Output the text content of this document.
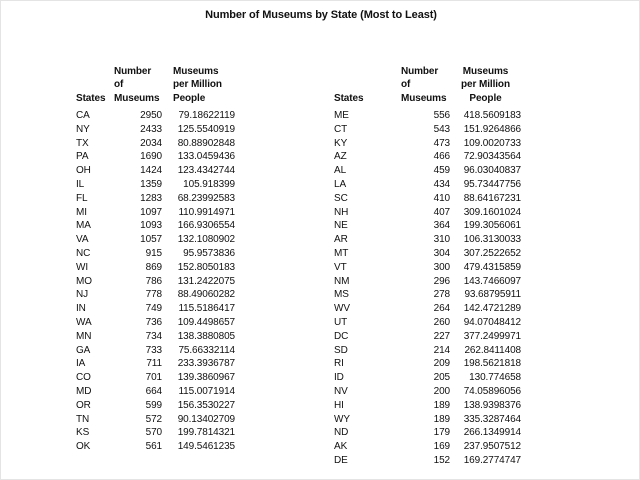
Number of Museums by State (Most to Least)
States
Number
of
Museums
Museums
per Million
People
CA	2950	79.18622119
NY	2433	125.5540919
TX	2034	80.88902848
PA	1690	133.0459436
OH	1424	123.4342744
IL	1359	105.918399
FL	1283	68.23992583
MI	1097	110.9914971
MA	1093	166.9306554
VA	1057	132.1080902
NC	915	95.9573836
WI	869	152.8050183
MO	786	131.2422075
NJ	778	88.49060282
IN	749	115.5186417
WA	736	109.4498657
MN	734	138.3880805
GA	733	75.66332114
IA	711	233.3936787
CO	701	139.3860967
MD	664	115.0071914
OR	599	156.3530227
TN	572	90.13402709
KS	570	199.7814321
OK	561	149.5461235
States
Number of
Museums
Museums
per Million
People
ME	556	418.5609183
CT	543	151.9264866
KY	473	109.0020733
AZ	466	72.90343564
AL	459	96.03040837
LA	434	95.73447756
SC	410	88.64167231
NH	407	309.1601024
NE	364	199.3056061
AR	310	106.3130033
MT	304	307.2522652
VT	300	479.4315859
NM	296	143.7466097
MS	278	93.68795911
WV	264	142.4721289
UT	260	94.07048412
DC	227	377.2499971
SD	214	262.8411408
RI	209	198.5621818
ID	205	130.774658
NV	200	74.05896056
HI	189	138.9398376
WY	189	335.3287464
ND	179	266.1349914
AK	169	237.9507512
DE	152	169.2774747
